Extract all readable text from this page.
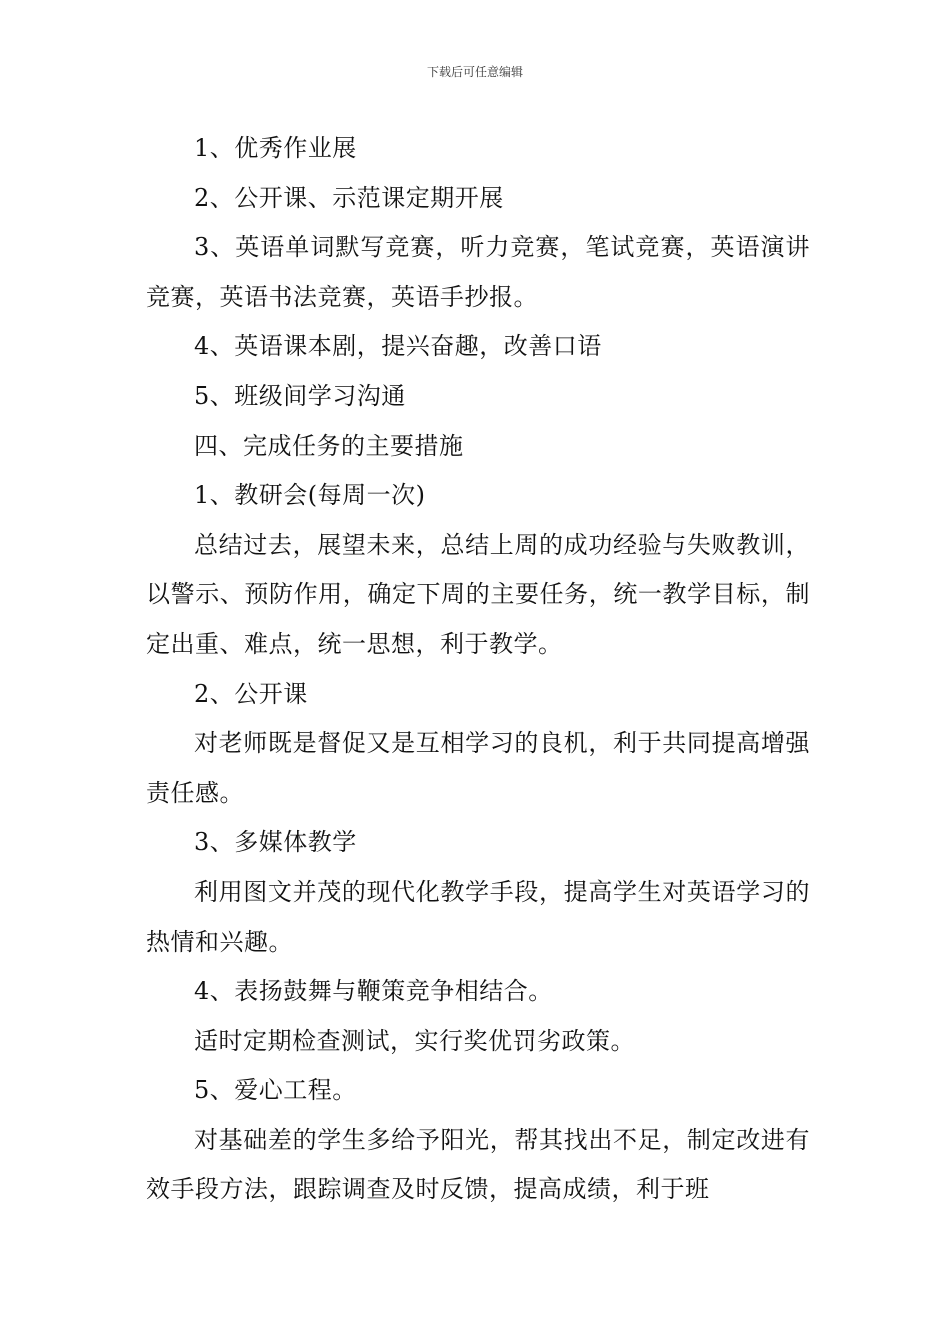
下载后可任意编辑

1、优秀作业展

2、公开课、示范课定期开展

3、英语单词默写竞赛，听力竞赛，笔试竞赛，英语演讲竞赛，英语书法竞赛，英语手抄报。

4、英语课本剧，提兴奋趣，改善口语

5、班级间学习沟通

四、完成任务的主要措施

1、教研会(每周一次)

总结过去，展望未来，总结上周的成功经验与失败教训，以警示、预防作用，确定下周的主要任务，统一教学目标，制定出重、难点，统一思想，利于教学。

2、公开课

对老师既是督促又是互相学习的良机，利于共同提高增强责任感。

3、多媒体教学

利用图文并茂的现代化教学手段，提高学生对英语学习的热情和兴趣。

4、表扬鼓舞与鞭策竞争相结合。

适时定期检查测试，实行奖优罚劣政策。

5、爱心工程。

对基础差的学生多给予阳光，帮其找出不足，制定改进有效手段方法，跟踪调查及时反馈，提高成绩，利于班
